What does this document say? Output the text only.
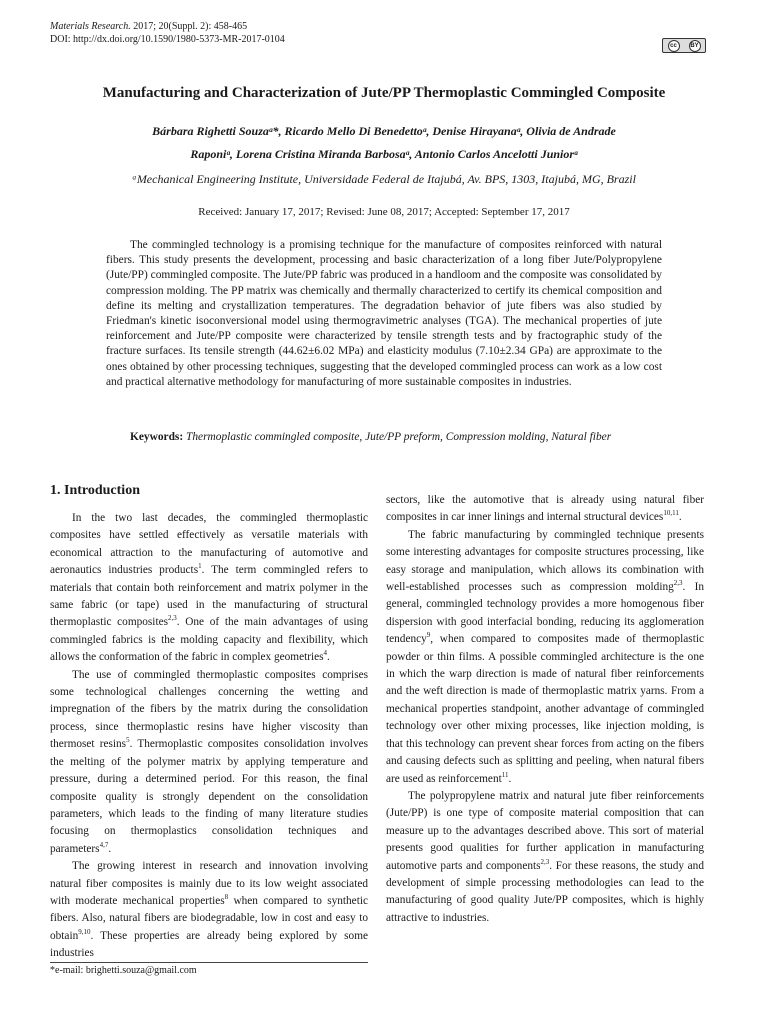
Materials Research. 2017; 20(Suppl. 2): 458-465
DOI: http://dx.doi.org/10.1590/1980-5373-MR-2017-0104
cc	BY
Manufacturing and Characterization of Jute/PP Thermoplastic Commingled Composite
Bárbara Righetti Souzaᵃ*, Ricardo Mello Di Benedettoᵃ, Denise Hirayanaᵃ, Olivia de Andrade
Raponiᵃ, Lorena Cristina Miranda Barbosaᵃ, Antonio Carlos Ancelotti Juniorᵃ
ᵃMechanical Engineering Institute, Universidade Federal de Itajubá, Av. BPS, 1303, Itajubá, MG, Brazil
Received: January 17, 2017; Revised: June 08, 2017; Accepted: September 17, 2017
The commingled technology is a promising technique for the manufacture of composites reinforced with natural fibers. This study presents the development, processing and basic characterization of a long fiber Jute/Polypropylene (Jute/PP) commingled composite. The Jute/PP fabric was produced in a handloom and the composite was consolidated by compression molding. The PP matrix was chemically and thermally characterized to certify its chemical composition and define its melting and crystallization temperatures. The degradation behavior of jute fibers was also studied by Friedman's kinetic isoconversional model using thermogravimetric analyses (TGA). The mechanical properties of jute reinforcement and Jute/PP composite were characterized by tensile strength tests and by fractographic study of the fracture surfaces. Its tensile strength (44.62±6.02 MPa) and elasticity modulus (7.10±2.34 GPa) are approximate to the ones obtained by other processing techniques, suggesting that the developed commingled process can work as a low cost and practical alternative methodology for manufacturing of more sustainable composites in industries.
Keywords: Thermoplastic commingled composite, Jute/PP preform, Compression molding, Natural fiber
1. Introduction

In the two last decades, the commingled thermoplastic composites have settled effectively as versatile materials with economical attraction to the manufacturing of automotive and aeronautics industries products$^1$. The term commingled refers to materials that contain both reinforcement and matrix polymer in the same fabric (or tape) used in the manufacturing of structural thermoplastic composites$^{2,3}$. One of the main advantages of using commingled fabrics is the molding capacity and flexibility, which allows the conformation of the fabric in complex geometries$^4$.

The use of commingled thermoplastic composites comprises some technological challenges concerning the wetting and impregnation of the fibers by the matrix during the consolidation process, since thermoplastic resins have higher viscosity than thermoset resins$^5$. Thermoplastic composites consolidation involves the melting of the polymer matrix by applying temperature and pressure, during a determined period. For this reason, the final composite quality is strongly dependent on the consolidation parameters, which leads to the finding of many literature studies focusing on thermoplastics consolidation techniques and parameters$^{4,7}$.

The growing interest in research and innovation involving natural fiber composites is mainly due to its low weight associated with moderate mechanical properties$^8$ when compared to synthetic fibers. Also, natural fibers are biodegradable, low in cost and easy to obtain$^{9,10}$. These properties are already being explored by some industries

sectors, like the automotive that is already using natural fiber composites in car inner linings and internal structural devices$^{10,11}$.

The fabric manufacturing by commingled technique presents some interesting advantages for composite structures processing, like easy storage and manipulation, which allows its combination with well-established processes such as compression molding$^{2,3}$. In general, commingled technology provides a more homogenous fiber dispersion with good interfacial bonding, reducing its agglomeration tendency$^9$, when compared to composites made of thermoplastic powder or thin films. A possible commingled architecture is the one in which the warp direction is made of natural fiber reinforcements and the weft direction is made of thermoplastic matrix yarns. From a mechanical properties standpoint, another advantage of commingled technology over other mixing processes, like injection molding, is that this technology can prevent shear forces from acting on the fibers and causing defects such as splitting and peeling, when natural fibers are used as reinforcement$^{11}$.

The polypropylene matrix and natural jute fiber reinforcements (Jute/PP) is one type of composite material composition that can measure up to the advantages described above. This sort of material presents good qualities for further application in manufacturing automotive parts and components$^{2,3}$. For these reasons, the study and development of simple processing methodologies can lead to the manufacturing of good quality Jute/PP composites, which is highly attractive to industries.

*e-mail: brighetti.souza@gmail.com
